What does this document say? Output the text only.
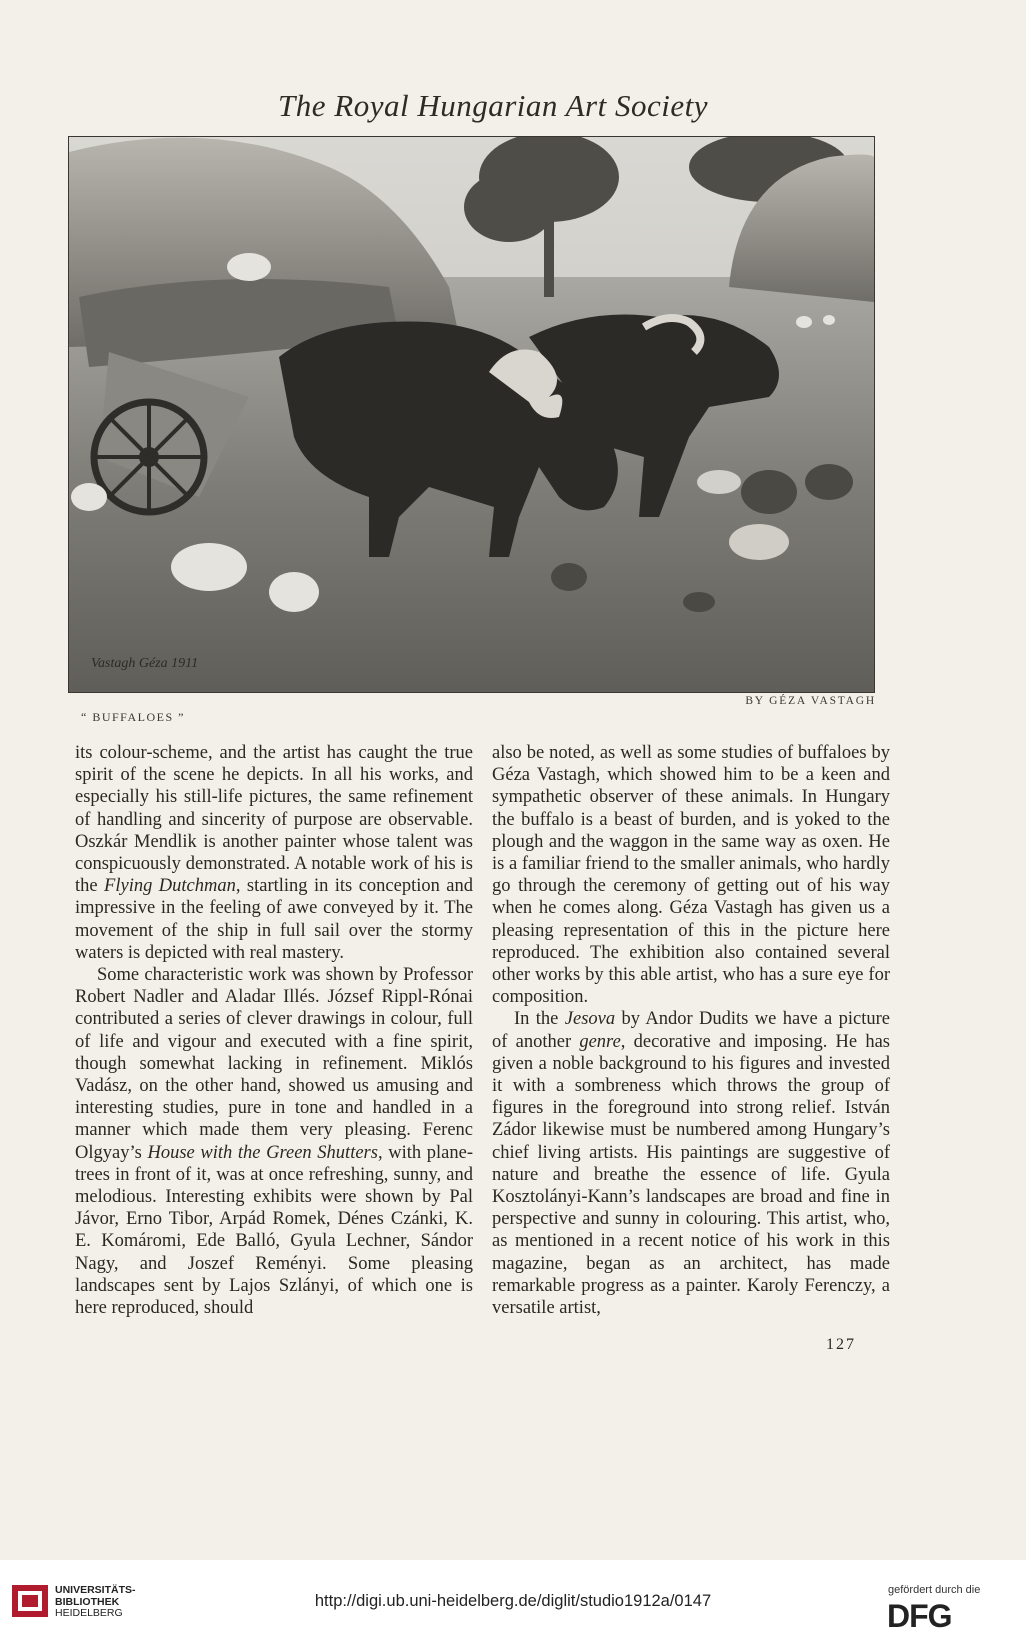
The Royal Hungarian Art Society
Vastagh Géza 1911
“ BUFFALOES ”
BY GÉZA VASTAGH

its colour-scheme, and the artist has caught the true spirit of the scene he depicts. In all his works, and especially his still-life pictures, the same refinement of handling and sincerity of purpose are observable. Oszkár Mendlik is another painter whose talent was conspicuously demonstrated. A notable work of his is the Flying Dutchman, startling in its conception and impressive in the feeling of awe conveyed by it. The movement of the ship in full sail over the stormy waters is depicted with real mastery.

Some characteristic work was shown by Professor Robert Nadler and Aladar Illés. József Rippl-Rónai contributed a series of clever drawings in colour, full of life and vigour and executed with a fine spirit, though somewhat lacking in refinement. Miklós Vadász, on the other hand, showed us amusing and interesting studies, pure in tone and handled in a manner which made them very pleasing. Ferenc Olgyay’s House with the Green Shutters, with plane-trees in front of it, was at once refreshing, sunny, and melodious. Interesting exhibits were shown by Pal Jávor, Erno Tibor, Arpád Romek, Dénes Czánki, K. E. Komáromi, Ede Balló, Gyula Lechner, Sándor Nagy, and Joszef Reményi. Some pleasing landscapes sent by Lajos Szlányi, of which one is here reproduced, should

also be noted, as well as some studies of buffaloes by Géza Vastagh, which showed him to be a keen and sympathetic observer of these animals. In Hungary the buffalo is a beast of burden, and is yoked to the plough and the waggon in the same way as oxen. He is a familiar friend to the smaller animals, who hardly go through the ceremony of getting out of his way when he comes along. Géza Vastagh has given us a pleasing representation of this in the picture here reproduced. The exhibition also contained several other works by this able artist, who has a sure eye for composition.

In the Jesova by Andor Dudits we have a picture of another genre, decorative and imposing. He has given a noble background to his figures and invested it with a sombreness which throws the group of figures in the foreground into strong relief. István Zádor likewise must be numbered among Hungary’s chief living artists. His paintings are suggestive of nature and breathe the essence of life. Gyula Kosztolányi-Kann’s landscapes are broad and fine in perspective and sunny in colouring. This artist, who, as mentioned in a recent notice of his work in this magazine, began as an architect, has made remarkable progress as a painter. Karoly Ferenczy, a versatile artist,

127
UNIVERSITÄTS-
BIBLIOTHEK
HEIDELBERG
http://digi.ub.uni-heidelberg.de/diglit/studio1912a/0147
gefördert durch die
DFG
